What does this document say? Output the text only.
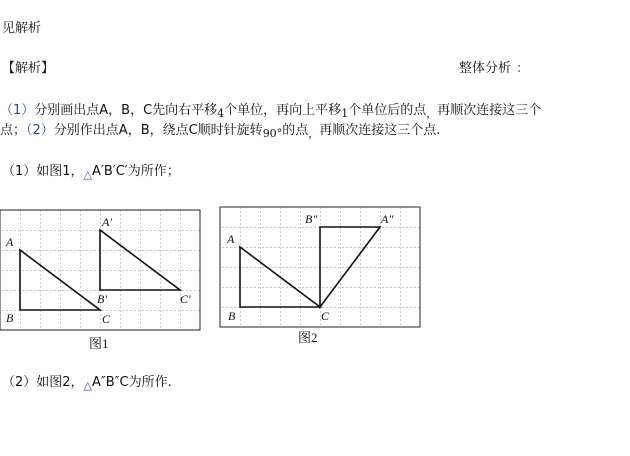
见解析
【解析】	整体分析 :
（1）分别画出点A，B，C先向右平移$_4$个单位，再向上平移$_1$个单位后的点$_,$再顺次连接这三个
点；（2）分别作出点A，B，绕点C顺时针旋转$_{90^\circ}$的点$_,$再顺次连接这三个点.
（1）如图1，$_\triangle$A′B′C′为所作；
A
B	C
A′
B′	C′
图1
A
B	C
B″	A″
图2
（2）如图2，$_\triangle$A″B″C为所作.
